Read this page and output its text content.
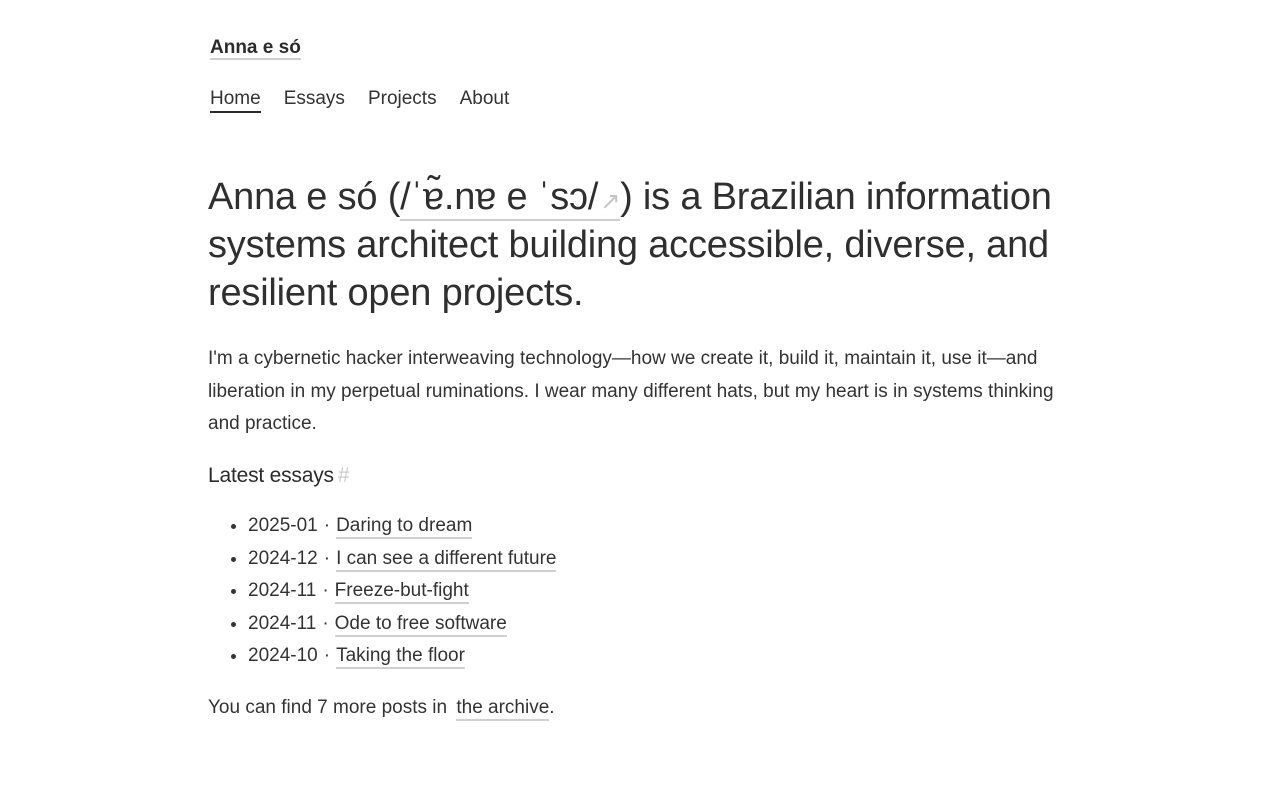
Anna e só
Home Essays Projects About
Anna e só (/ˈɐ̃.nɐ e ˈsɔ/↗) is a Brazilian information systems architect building accessible, diverse, and resilient open projects.

I'm a cybernetic hacker interweaving technology—how we create it, build it, maintain it, use it—and liberation in my perpetual ruminations. I wear many different hats, but my heart is in systems thinking and practice.

Latest essays #
• 2025-01 · Daring to dream
• 2024-12 · I can see a different future
• 2024-11 · Freeze-but-fight
• 2024-11 · Ode to free software
• 2024-10 · Taking the floor

You can find 7 more posts in the archive.
